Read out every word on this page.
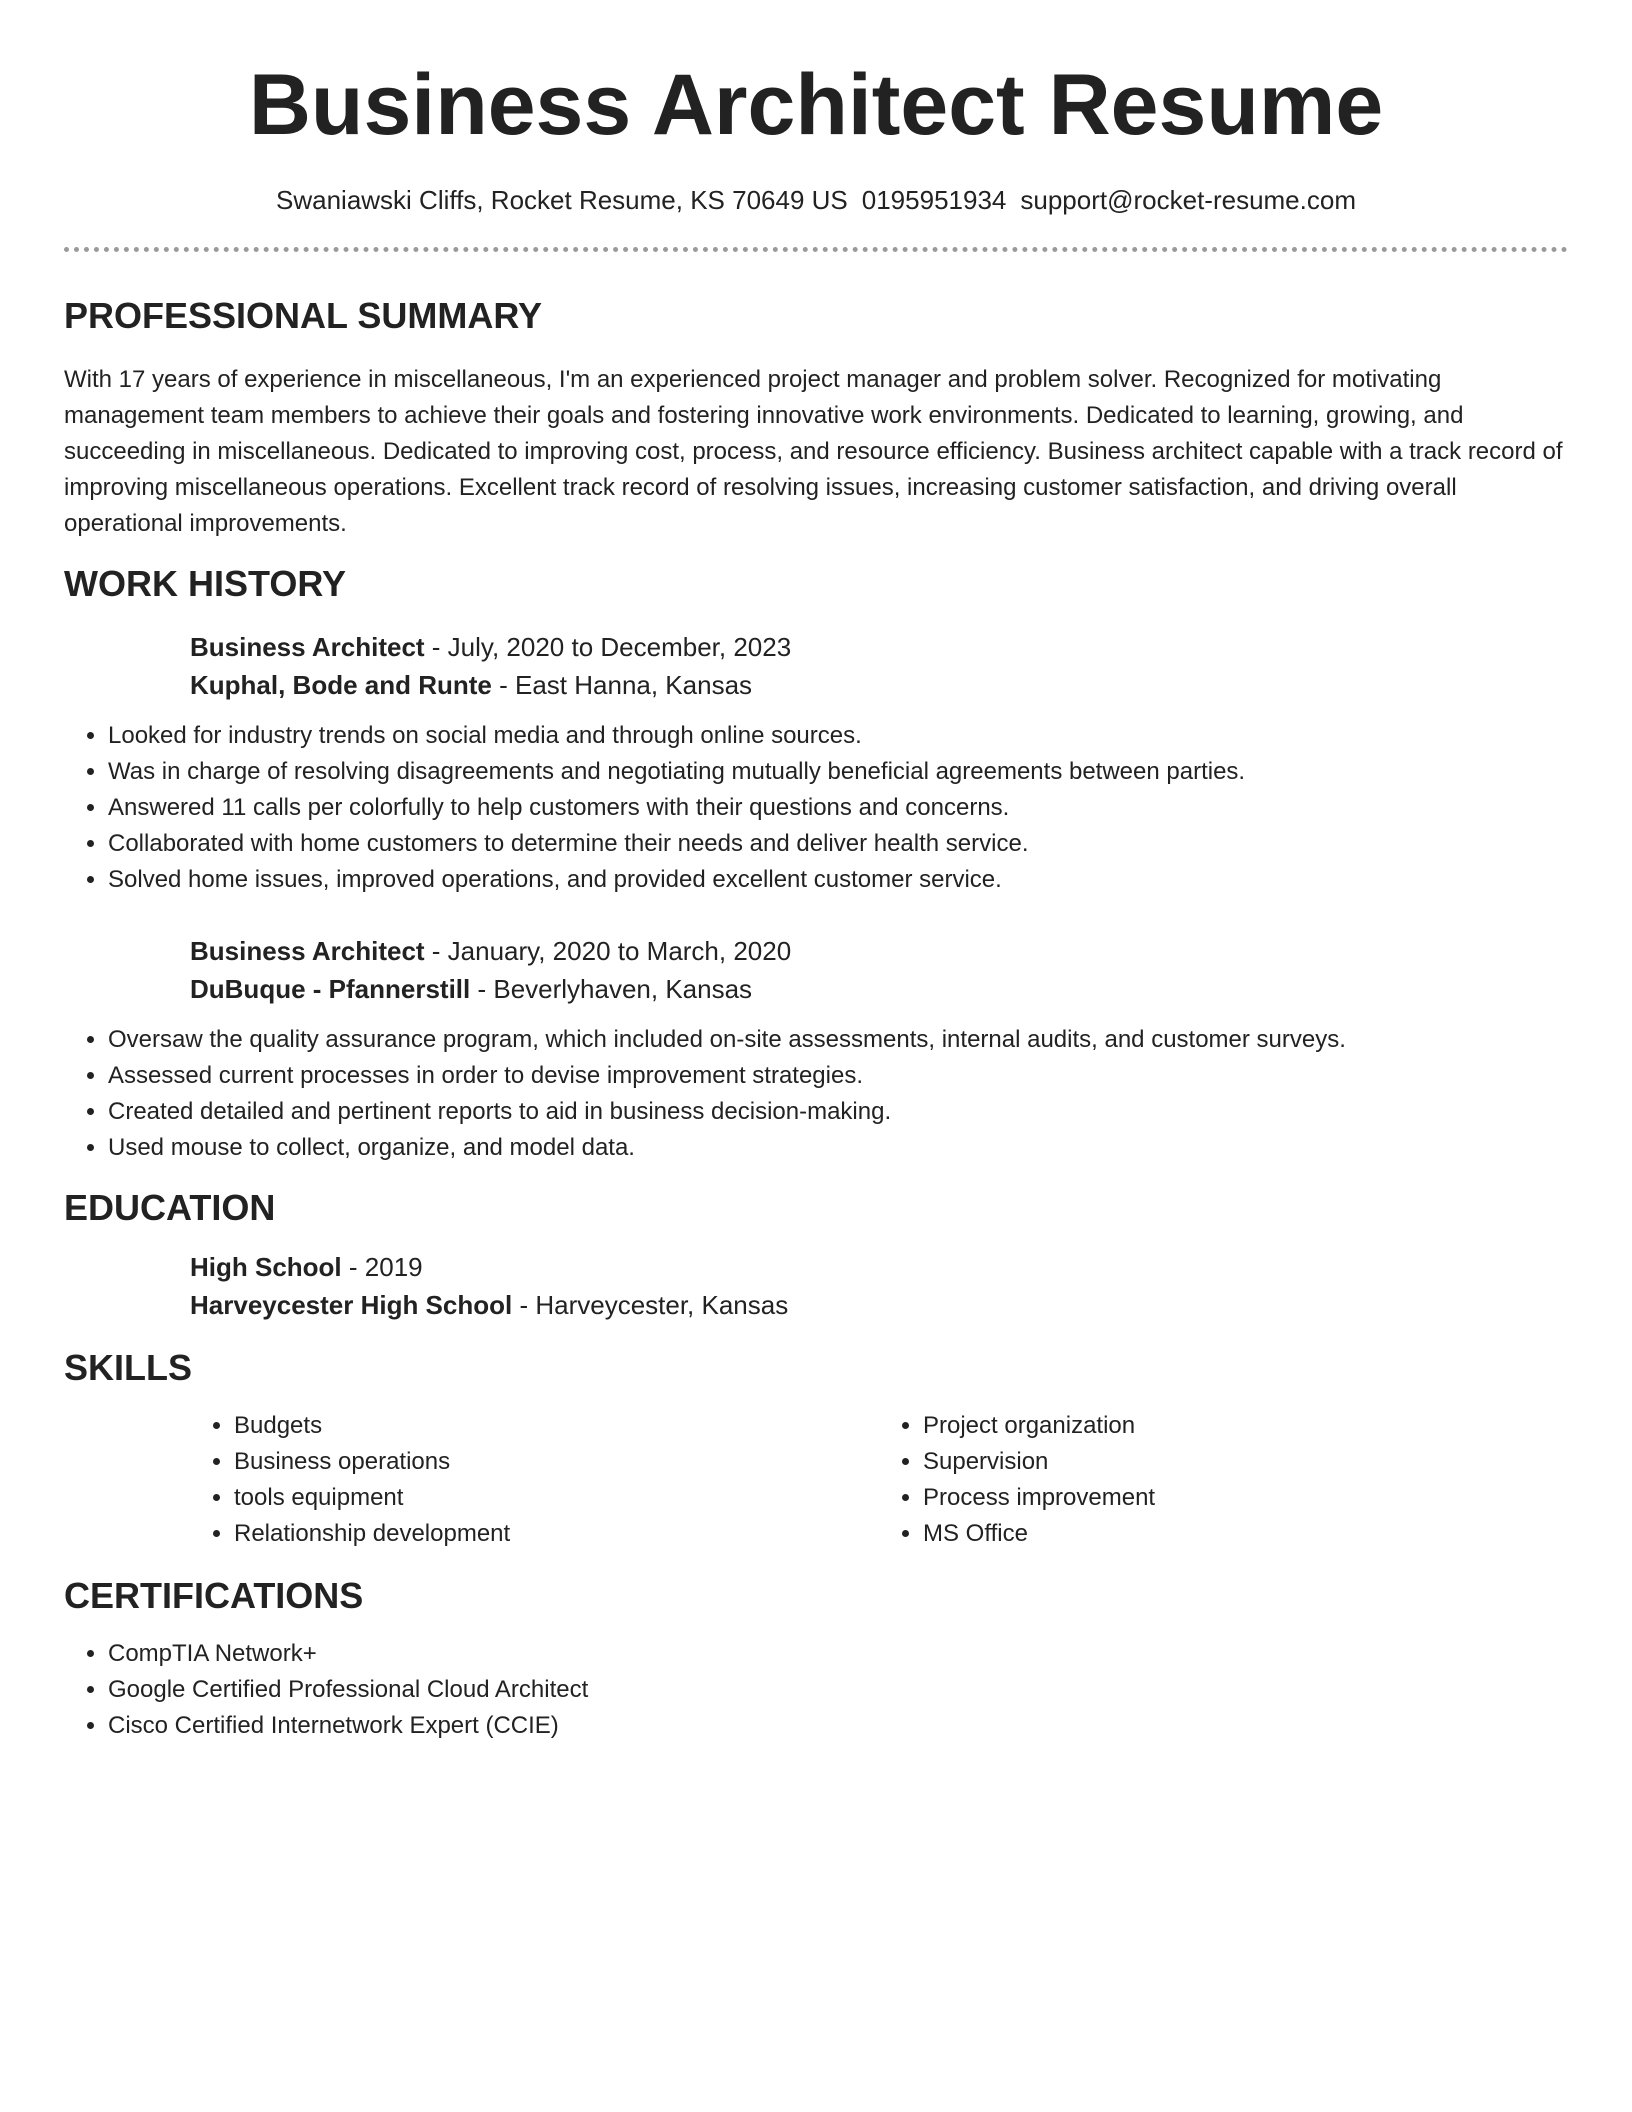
Business Architect Resume
Swaniawski Cliffs, Rocket Resume, KS 70649 US 0195951934 support@rocket-resume.com
PROFESSIONAL SUMMARY

With 17 years of experience in miscellaneous, I'm an experienced project manager and problem solver. Recognized for motivating management team members to achieve their goals and fostering innovative work environments. Dedicated to learning, growing, and succeeding in miscellaneous. Dedicated to improving cost, process, and resource efficiency. Business architect capable with a track record of improving miscellaneous operations. Excellent track record of resolving issues, increasing customer satisfaction, and driving overall operational improvements.

WORK HISTORY

Business Architect - July, 2020 to December, 2023

Kuphal, Bode and Runte - East Hanna, Kansas

• Looked for industry trends on social media and through online sources.
• Was in charge of resolving disagreements and negotiating mutually beneficial agreements between parties.
• Answered 11 calls per colorfully to help customers with their questions and concerns.
• Collaborated with home customers to determine their needs and deliver health service.
• Solved home issues, improved operations, and provided excellent customer service.

Business Architect - January, 2020 to March, 2020

DuBuque - Pfannerstill - Beverlyhaven, Kansas

• Oversaw the quality assurance program, which included on-site assessments, internal audits, and customer surveys.
• Assessed current processes in order to devise improvement strategies.
• Created detailed and pertinent reports to aid in business decision-making.
• Used mouse to collect, organize, and model data.
EDUCATION

High School - 2019

Harveycester High School - Harveycester, Kansas

SKILLS
• Budgets
• Business operations
• tools equipment
• Relationship development
• Project organization
• Supervision
• Process improvement
• MS Office
CERTIFICATIONS
• CompTIA Network+
• Google Certified Professional Cloud Architect
• Cisco Certified Internetwork Expert (CCIE)
